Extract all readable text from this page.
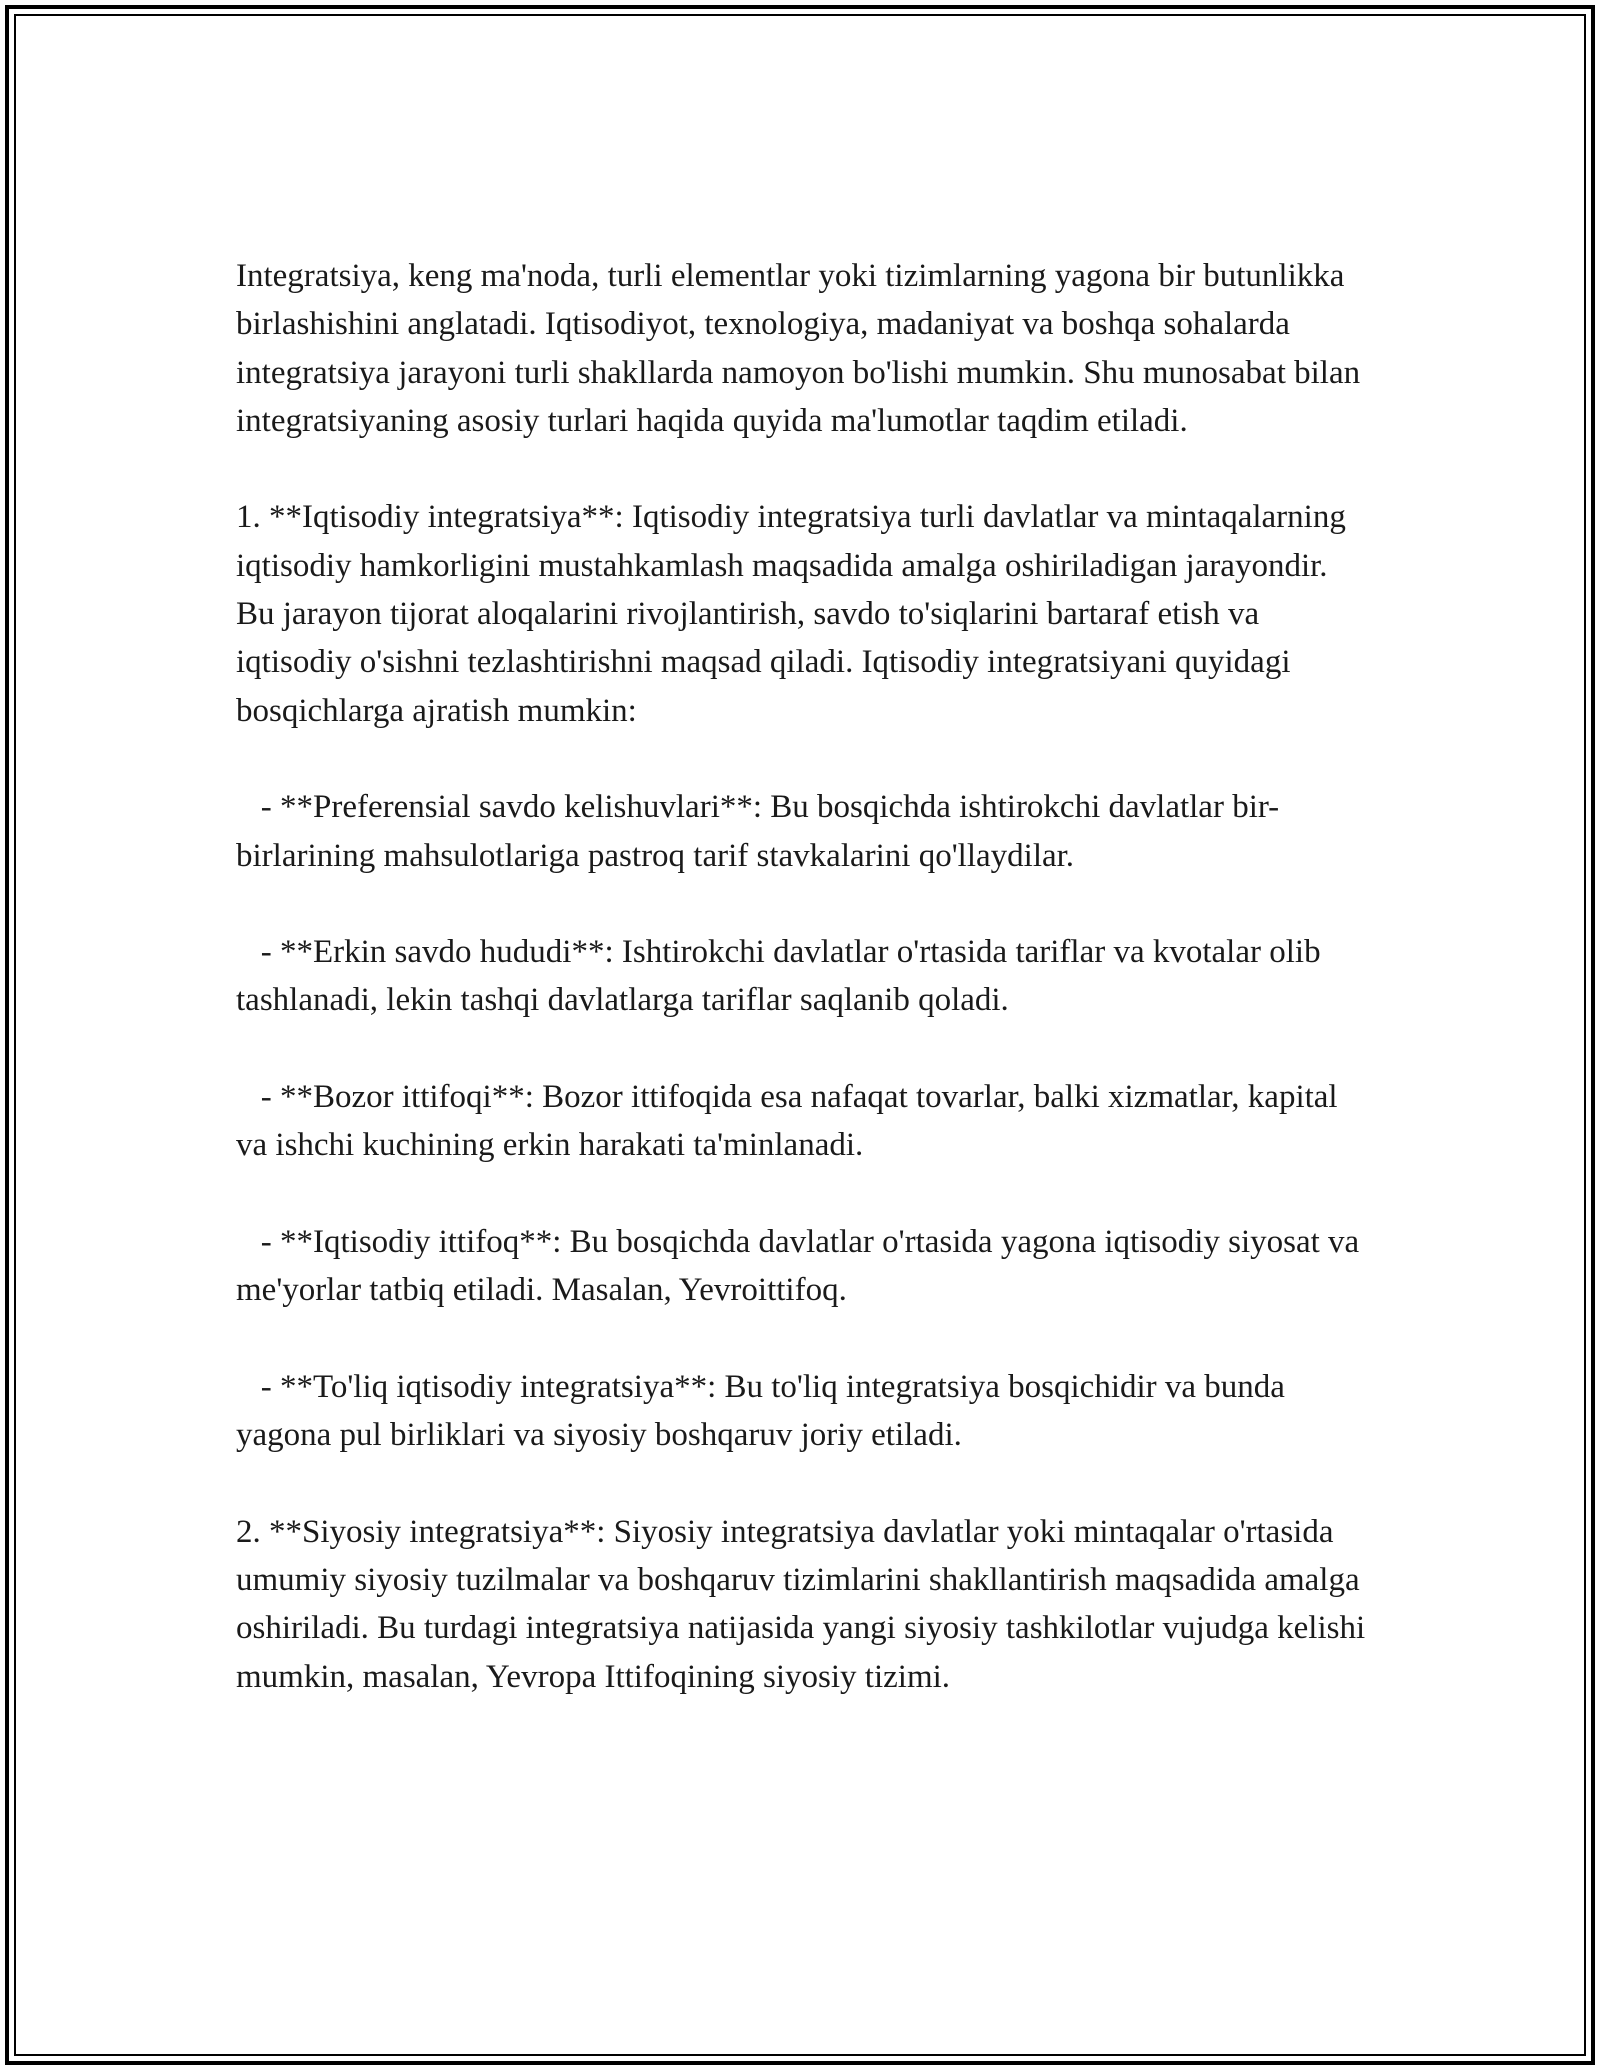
Integratsiya, keng ma'noda, turli elementlar yoki tizimlarning yagona bir butunlikka birlashishini anglatadi. Iqtisodiyot, texnologiya, madaniyat va boshqa sohalarda integratsiya jarayoni turli shakllarda namoyon bo'lishi mumkin. Shu munosabat bilan integratsiyaning asosiy turlari haqida quyida ma'lumotlar taqdim etiladi.

1. **Iqtisodiy integratsiya**: Iqtisodiy integratsiya turli davlatlar va mintaqalarning iqtisodiy hamkorligini mustahkamlash maqsadida amalga oshiriladigan jarayondir. Bu jarayon tijorat aloqalarini rivojlantirish, savdo to'siqlarini bartaraf etish va iqtisodiy o'sishni tezlashtirishni maqsad qiladi. Iqtisodiy integratsiyani quyidagi bosqichlarga ajratish mumkin:

- **Preferensial savdo kelishuvlari**: Bu bosqichda ishtirokchi davlatlar bir-birlarining mahsulotlariga pastroq tarif stavkalarini qo'llaydilar.

- **Erkin savdo hududi**: Ishtirokchi davlatlar o'rtasida tariflar va kvotalar olib tashlanadi, lekin tashqi davlatlarga tariflar saqlanib qoladi.

- **Bozor ittifoqi**: Bozor ittifoqida esa nafaqat tovarlar, balki xizmatlar, kapital va ishchi kuchining erkin harakati ta'minlanadi.

- **Iqtisodiy ittifoq**: Bu bosqichda davlatlar o'rtasida yagona iqtisodiy siyosat va me'yorlar tatbiq etiladi. Masalan, Yevroittifoq.

- **To'liq iqtisodiy integratsiya**: Bu to'liq integratsiya bosqichidir va bunda yagona pul birliklari va siyosiy boshqaruv joriy etiladi.

2. **Siyosiy integratsiya**: Siyosiy integratsiya davlatlar yoki mintaqalar o'rtasida umumiy siyosiy tuzilmalar va boshqaruv tizimlarini shakllantirish maqsadida amalga oshiriladi. Bu turdagi integratsiya natijasida yangi siyosiy tashkilotlar vujudga kelishi mumkin, masalan, Yevropa Ittifoqining siyosiy tizimi.
